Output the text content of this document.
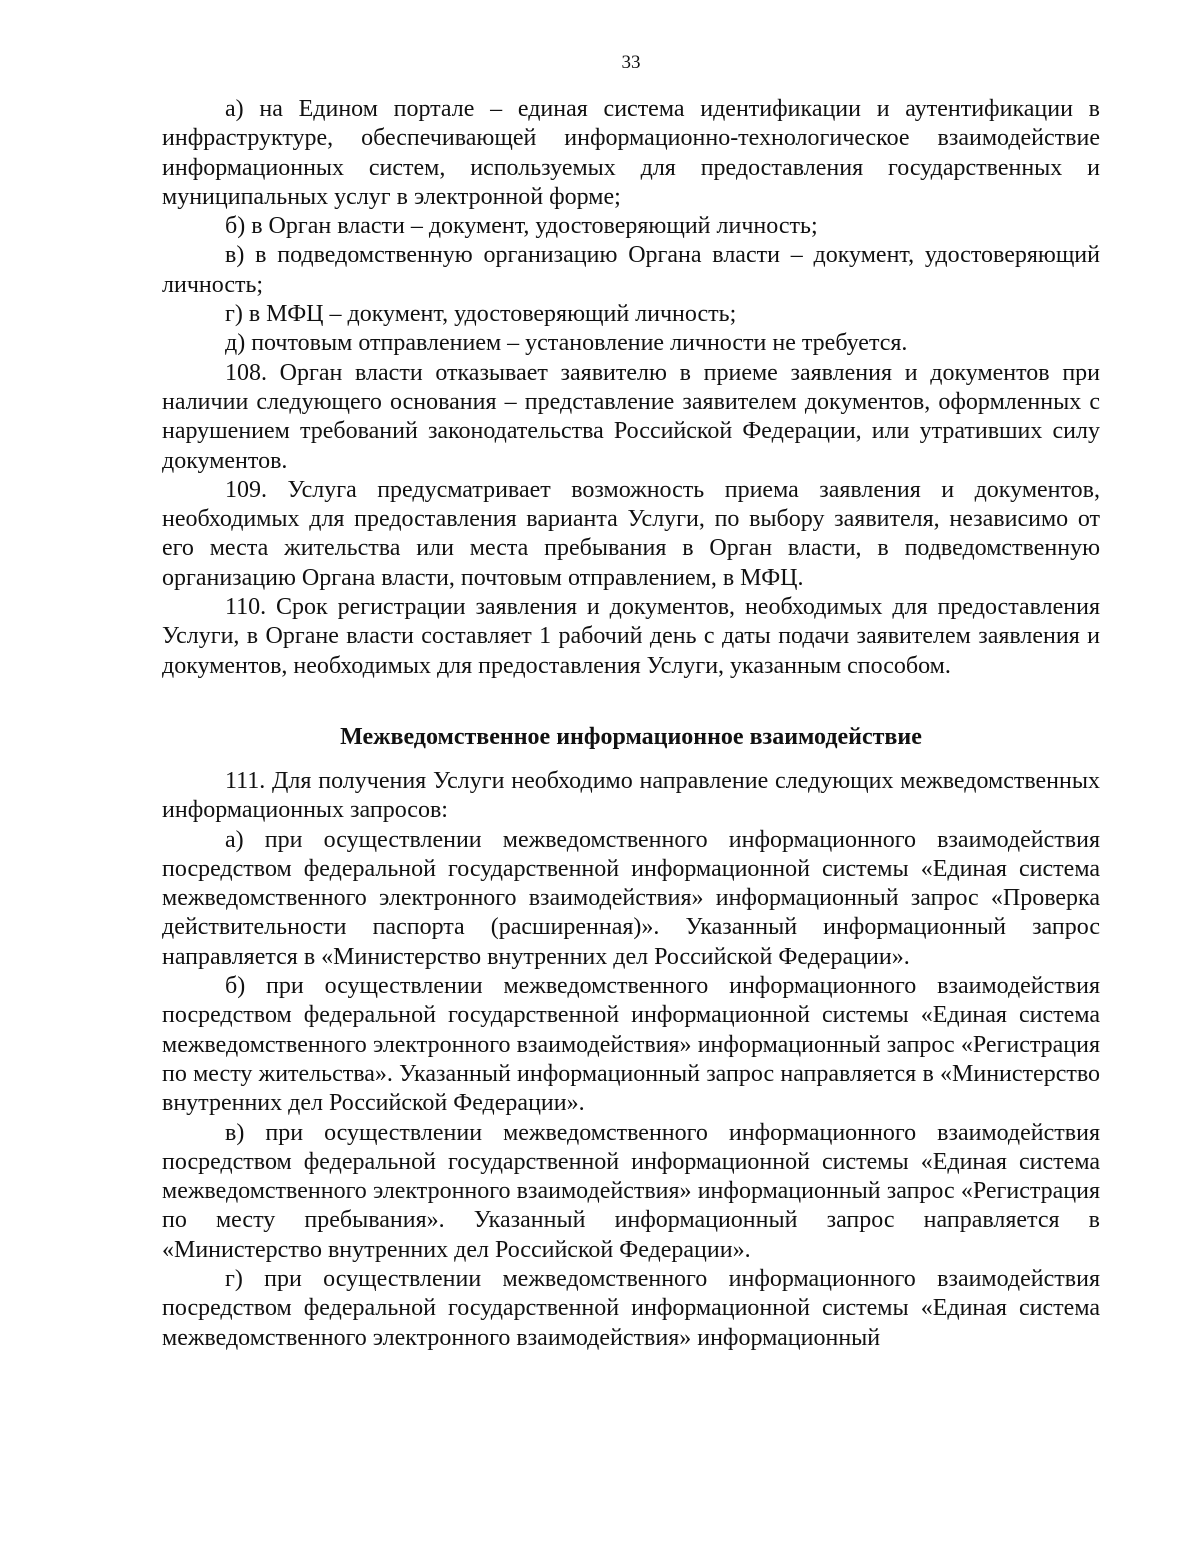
33

а) на Едином портале – единая система идентификации и аутентификации в инфраструктуре, обеспечивающей информационно-технологическое взаимодействие информационных систем, используемых для предоставления государственных и муниципальных услуг в электронной форме;

б) в Орган власти – документ, удостоверяющий личность;

в) в подведомственную организацию Органа власти – документ, удостоверяющий личность;

г) в МФЦ – документ, удостоверяющий личность;

д) почтовым отправлением – установление личности не требуется.

108. Орган власти отказывает заявителю в приеме заявления и документов при наличии следующего основания – представление заявителем документов, оформленных с нарушением требований законодательства Российской Федерации, или утративших силу документов.

109. Услуга предусматривает возможность приема заявления и документов, необходимых для предоставления варианта Услуги, по выбору заявителя, независимо от его места жительства или места пребывания в Орган власти, в подведомственную организацию Органа власти, почтовым отправлением, в МФЦ.

110. Срок регистрации заявления и документов, необходимых для предоставления Услуги, в Органе власти составляет 1 рабочий день с даты подачи заявителем заявления и документов, необходимых для предоставления Услуги, указанным способом.

Межведомственное информационное взаимодействие

111. Для получения Услуги необходимо направление следующих межведомственных информационных запросов:

а) при осуществлении межведомственного информационного взаимодействия посредством федеральной государственной информационной системы «Единая система межведомственного электронного взаимодействия» информационный запрос «Проверка действительности паспорта (расширенная)». Указанный информационный запрос направляется в «Министерство внутренних дел Российской Федерации».

б) при осуществлении межведомственного информационного взаимодействия посредством федеральной государственной информационной системы «Единая система межведомственного электронного взаимодействия» информационный запрос «Регистрация по месту жительства». Указанный информационный запрос направляется в «Министерство внутренних дел Российской Федерации».

в) при осуществлении межведомственного информационного взаимодействия посредством федеральной государственной информационной системы «Единая система межведомственного электронного взаимодействия» информационный запрос «Регистрация по месту пребывания». Указанный информационный запрос направляется в «Министерство внутренних дел Российской Федерации».

г) при осуществлении межведомственного информационного взаимодействия посредством федеральной государственной информационной системы «Единая система межведомственного электронного взаимодействия» информационный
